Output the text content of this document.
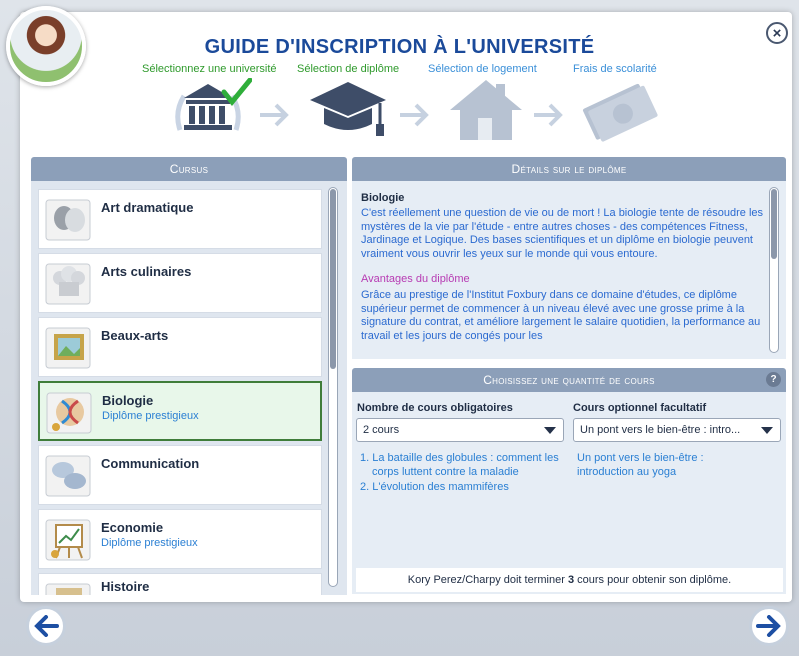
×
GUIDE D'INSCRIPTION À L'UNIVERSITÉ
Sélectionnez une université Sélection de diplôme	Sélection de logement	Frais de scolarité
Cursus
Art dramatique
Arts culinaires
Beaux-arts
Biologie
Diplôme prestigieux
Communication
Economie
Diplôme prestigieux
Histoire
Détails sur le diplôme
Biologie
C'est réellement une question de vie ou de mort ! La biologie tente de résoudre les mystères de la vie par l'étude - entre autres choses - des compétences Fitness, Jardinage et Logique. Des bases scientifiques et un diplôme en biologie peuvent vraiment vous ouvrir les yeux sur le monde qui vous entoure.
Avantages du diplôme
Grâce au prestige de l'Institut Foxbury dans ce domaine d'études, ce diplôme supérieur permet de commencer à un niveau élevé avec une grosse prime à la signature du contrat, et améliore largement le salaire quotidien, la performance au travail et les jours de congés pour les
Choisissez une quantité de cours	?
Nombre de cours obligatoires	Cours optionnel facultatif
2 cours	Un pont vers le bien-être : intro...
1. La bataille des globules : comment les corps luttent contre la maladie
2. L'évolution des mammifères
Un pont vers le bien-être : introduction au yoga
Kory Perez/Charpy doit terminer 3 cours pour obtenir son diplôme.
